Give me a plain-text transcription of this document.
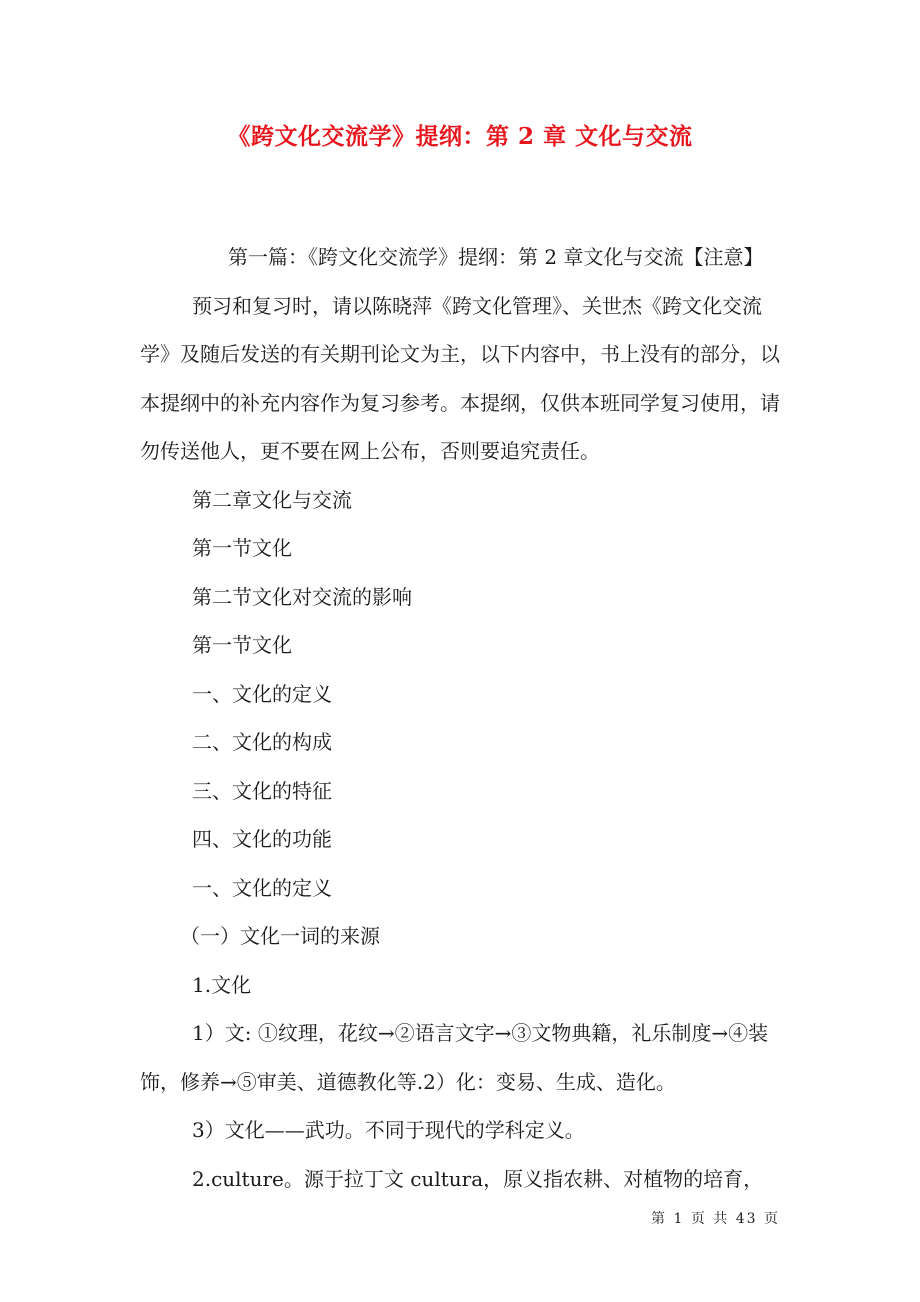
《跨文化交流学》提纲：第 2 章 文化与交流

第一篇：《跨文化交流学》提纲：第 2 章文化与交流【注意】

预习和复习时，请以陈晓萍《跨文化管理》、关世杰《跨文化交流学》及随后发送的有关期刊论文为主，以下内容中，书上没有的部分，以本提纲中的补充内容作为复习参考。本提纲，仅供本班同学复习使用，请勿传送他人，更不要在网上公布，否则要追究责任。

第二章文化与交流

第一节文化

第二节文化对交流的影响

第一节文化

一、文化的定义

二、文化的构成

三、文化的特征

四、文化的功能

一、文化的定义

（一）文化一词的来源

1.文化

1）文: ①纹理，花纹→②语言文字→③文物典籍，礼乐制度→④装饰，修养→⑤审美、道德教化等.2）化：变易、生成、造化。

3）文化——武功。不同于现代的学科定义。

2.culture。源于拉丁文 cultura，原义指农耕、对植物的培育，

第 1 页 共 43 页
